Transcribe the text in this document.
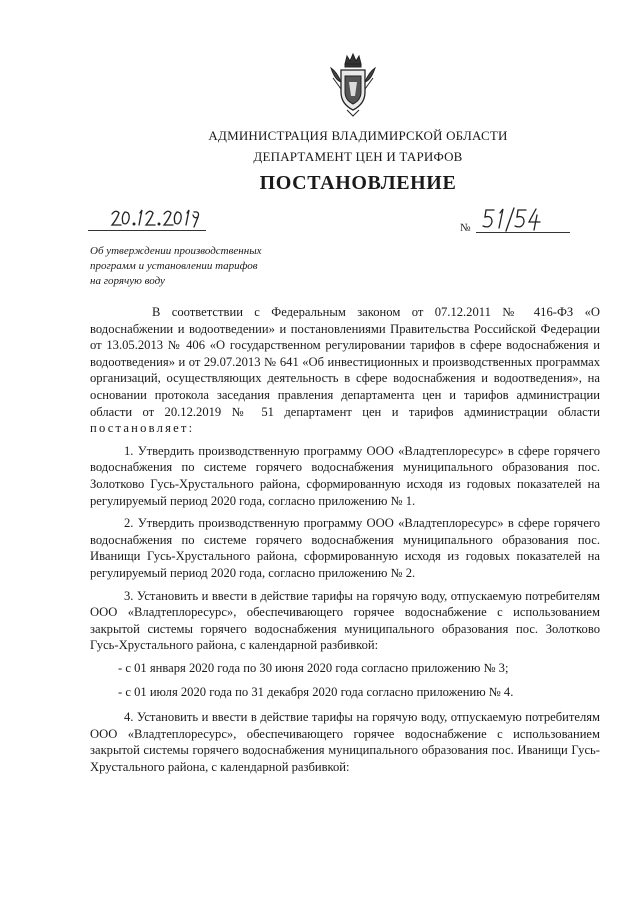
АДМИНИСТРАЦИЯ ВЛАДИМИРСКОЙ ОБЛАСТИ
ДЕПАРТАМЕНТ ЦЕН И ТАРИФОВ
ПОСТАНОВЛЕНИЕ
№
Об утверждении производственных
программ и установлении тарифов
на горячую воду

В соответствии с Федеральным законом от 07.12.2011 № 416-ФЗ «О водоснабжении и водоотведении» и постановлениями Правительства Российской Федерации от 13.05.2013 № 406 «О государственном регулировании тарифов в сфере водоснабжения и водоотведения» и от 29.07.2013 № 641 «Об инвестиционных и производственных программах организаций, осуществляющих деятельность в сфере водоснабжения и водоотведения», на основании протокола заседания правления департамента цен и тарифов администрации области от 20.12.2019 № 51 департамент цен и тарифов администрации области постановляет:

1. Утвердить производственную программу ООО «Владтеплоресурс» в сфере горячего водоснабжения по системе горячего водоснабжения муниципального образования пос. Золотково Гусь-Хрустального района, сформированную исходя из годовых показателей на регулируемый период 2020 года, согласно приложению № 1.

2. Утвердить производственную программу ООО «Владтеплоресурс» в сфере горячего водоснабжения по системе горячего водоснабжения муниципального образования пос. Иванищи Гусь-Хрустального района, сформированную исходя из годовых показателей на регулируемый период 2020 года, согласно приложению № 2.

3. Установить и ввести в действие тарифы на горячую воду, отпускаемую потребителям ООО «Владтеплоресурс», обеспечивающего горячее водоснабжение с использованием закрытой системы горячего водоснабжения муниципального образования пос. Золотково Гусь-Хрустального района, с календарной разбивкой:

- с 01 января 2020 года по 30 июня 2020 года согласно приложению № 3;

- с 01 июля 2020 года по 31 декабря 2020 года согласно приложению № 4.

4. Установить и ввести в действие тарифы на горячую воду, отпускаемую потребителям ООО «Владтеплоресурс», обеспечивающего горячее водоснабжение с использованием закрытой системы горячего водоснабжения муниципального образования пос. Иванищи Гусь-Хрустального района, с календарной разбивкой:
